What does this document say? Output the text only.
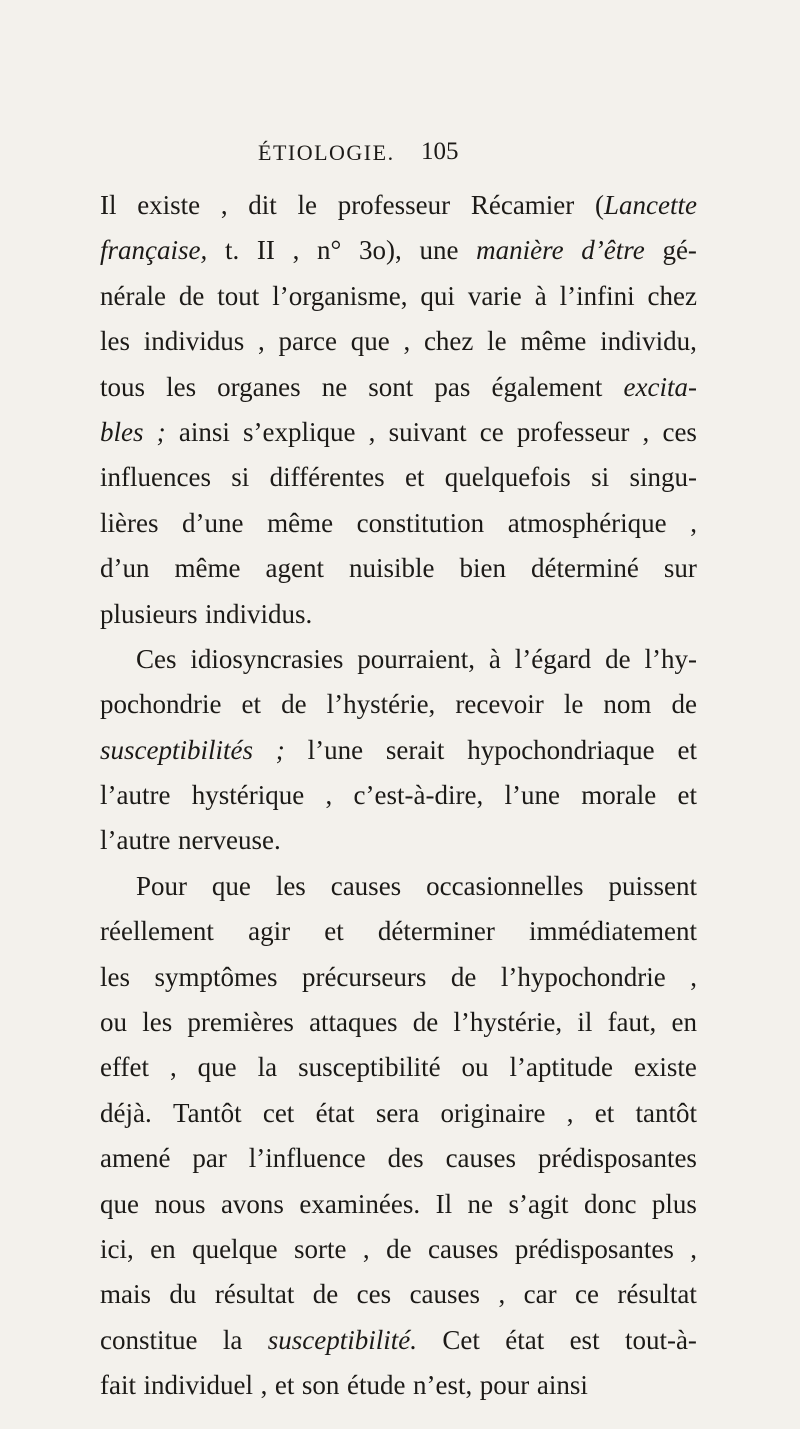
ÉTIOLOGIE. 105
Il existe , dit le professeur Récamier (Lancette
française, t. II , n° 3o), une manière d’être gé-
nérale de tout l’organisme, qui varie à l’infini chez
les individus , parce que , chez le même individu,
tous les organes ne sont pas également excita-
bles ; ainsi s’explique , suivant ce professeur , ces
influences si différentes et quelquefois si singu-
lières d’une même constitution atmosphérique ,
d’un même agent nuisible bien déterminé sur
plusieurs individus.
Ces idiosyncrasies pourraient, à l’égard de l’hy-
pochondrie et de l’hystérie, recevoir le nom de
susceptibilités ; l’une serait hypochondriaque et
l’autre hystérique , c’est-à-dire, l’une morale et
l’autre nerveuse.
Pour que les causes occasionnelles puissent
réellement agir et déterminer immédiatement
les symptômes précurseurs de l’hypochondrie ,
ou les premières attaques de l’hystérie, il faut, en
effet , que la susceptibilité ou l’aptitude existe
déjà. Tantôt cet état sera originaire , et tantôt
amené par l’influence des causes prédisposantes
que nous avons examinées. Il ne s’agit donc plus
ici, en quelque sorte , de causes prédisposantes ,
mais du résultat de ces causes , car ce résultat
constitue la susceptibilité. Cet état est tout-à-
fait individuel , et son étude n’est, pour ainsi
